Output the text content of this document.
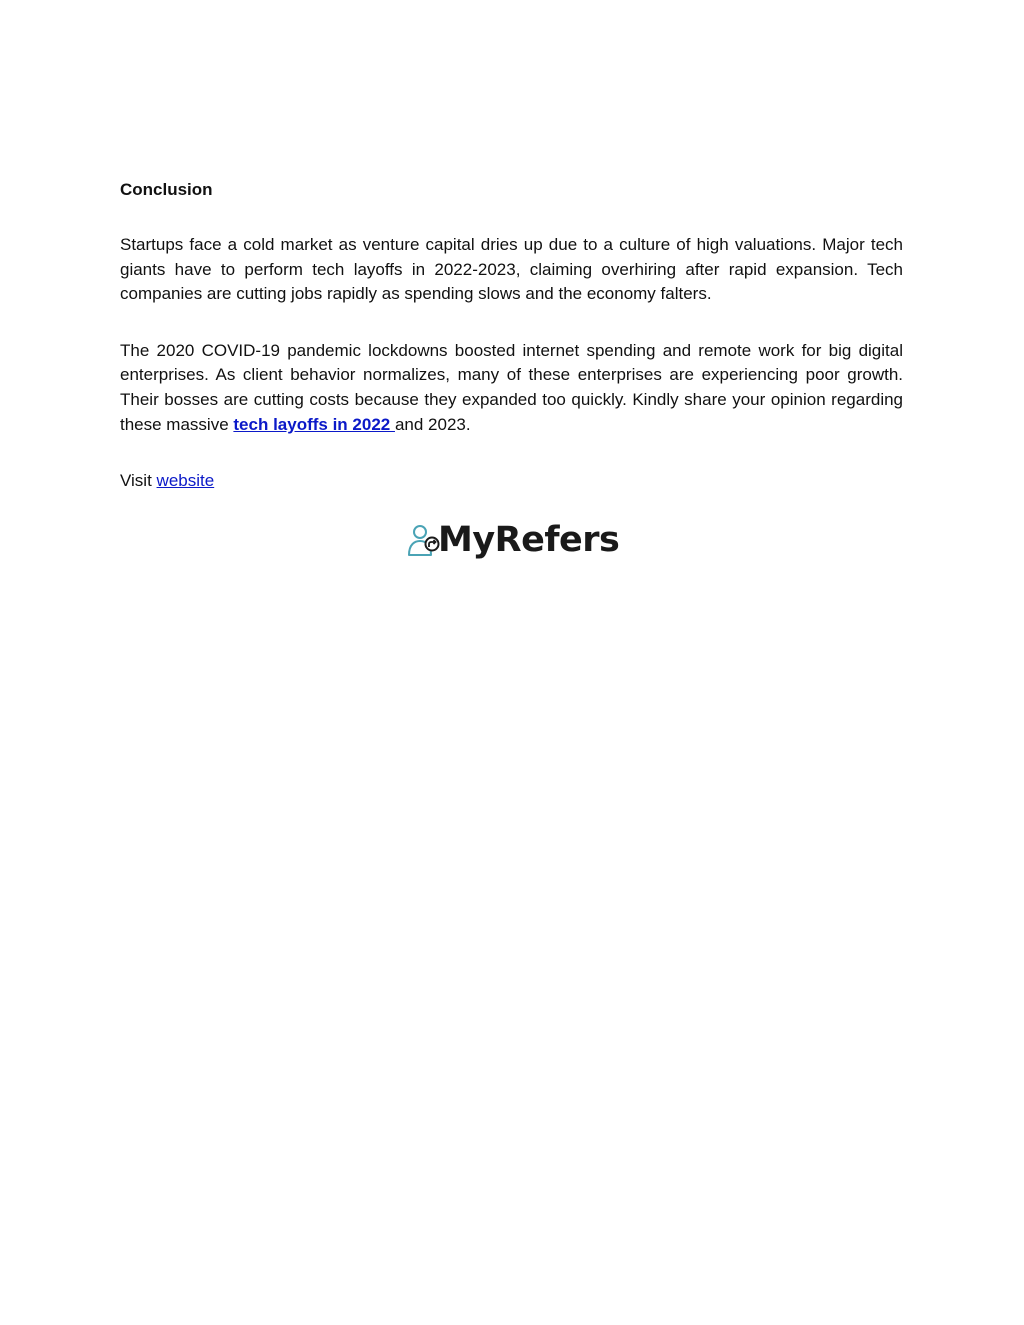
Conclusion

Startups face a cold market as venture capital dries up due to a culture of high valuations. Major tech giants have to perform tech layoffs in 2022-2023, claiming overhiring after rapid expansion. Tech companies are cutting jobs rapidly as spending slows and the economy falters.

The 2020 COVID-19 pandemic lockdowns boosted internet spending and remote work for big digital enterprises. As client behavior normalizes, many of these enterprises are experiencing poor growth. Their bosses are cutting costs because they expanded too quickly. Kindly share your opinion regarding these massive tech layoffs in 2022 and 2023.

Visit website

MyRefers
